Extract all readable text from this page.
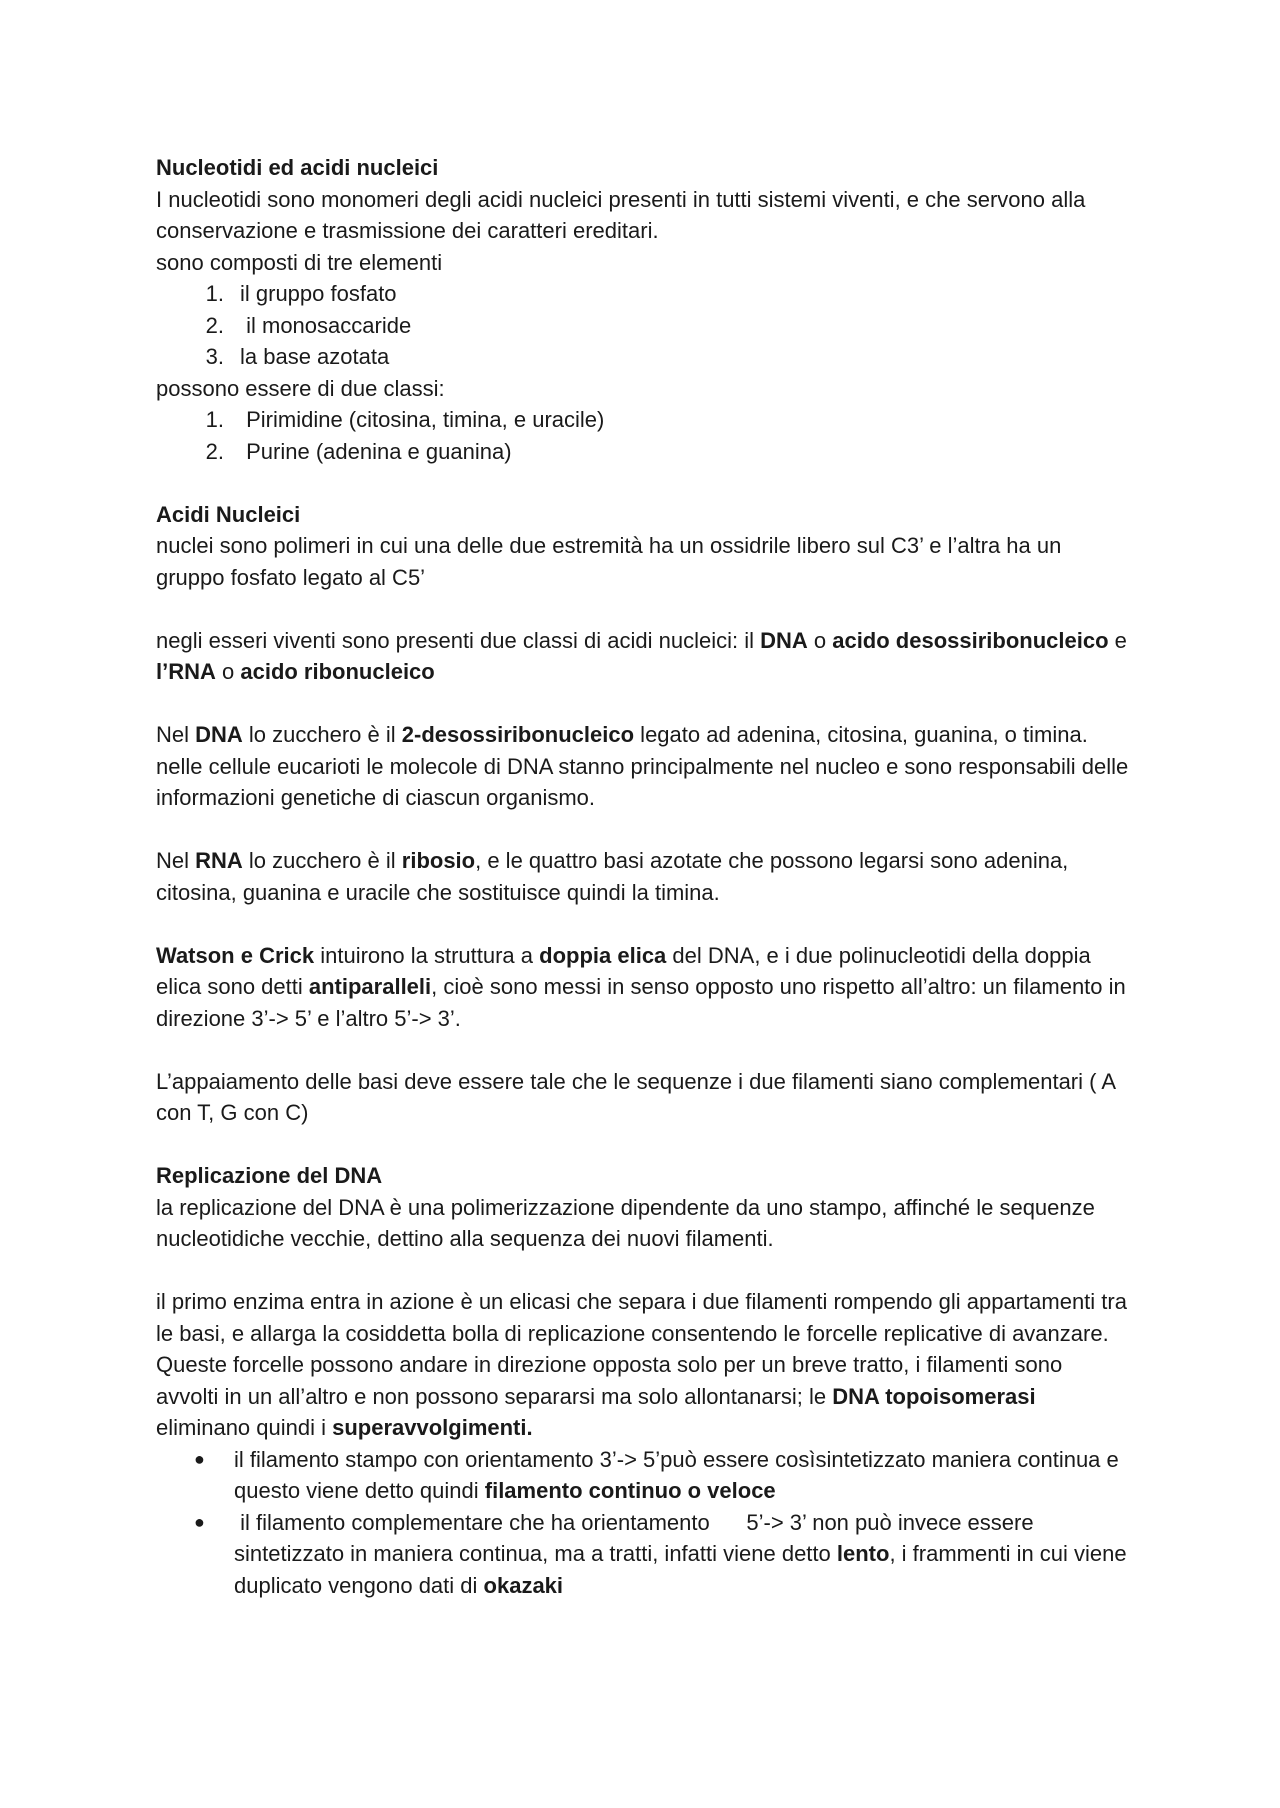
Nucleotidi ed acidi nucleici

I nucleotidi sono monomeri degli acidi nucleici presenti in tutti sistemi viventi, e che servono alla conservazione e trasmissione dei caratteri ereditari.

sono composti di tre elementi

1. il gruppo fosfato
2. il monosaccaride
3. la base azotata

possono essere di due classi:

1. Pirimidine (citosina, timina, e uracile)
2. Purine (adenina e guanina)

Acidi Nucleici

nuclei sono polimeri in cui una delle due estremità ha un ossidrile libero sul C3’ e l’altra ha un gruppo fosfato legato al C5’

negli esseri viventi sono presenti due classi di acidi nucleici: il DNA o acido desossiribonucleico e l’RNA o acido ribonucleico

Nel DNA lo zucchero è il 2-desossiribonucleico legato ad adenina, citosina, guanina, o timina.

nelle cellule eucarioti le molecole di DNA stanno principalmente nel nucleo e sono responsabili delle informazioni genetiche di ciascun organismo.

Nel RNA lo zucchero è il ribosio, e le quattro basi azotate che possono legarsi sono adenina, citosina, guanina e uracile che sostituisce quindi la timina.

Watson e Crick intuirono la struttura a doppia elica del DNA, e i due polinucleotidi della doppia elica sono detti antiparalleli, cioè sono messi in senso opposto uno rispetto all’altro: un filamento in direzione 3’-> 5’ e l’altro 5’-> 3’.

L’appaiamento delle basi deve essere tale che le sequenze i due filamenti siano complementari ( A con T, G con C)

Replicazione del DNA

la replicazione del DNA è una polimerizzazione dipendente da uno stampo, affinché le sequenze nucleotidiche vecchie, dettino alla sequenza dei nuovi filamenti.

il primo enzima entra in azione è un elicasi che separa i due filamenti rompendo gli appartamenti tra le basi, e allarga la cosiddetta bolla di replicazione consentendo le forcelle replicative di avanzare.

Queste forcelle possono andare in direzione opposta solo per un breve tratto, i filamenti sono avvolti in un all’altro e non possono separarsi ma solo allontanarsi; le DNA topoisomerasi eliminano quindi i superavvolgimenti.

● il filamento stampo con orientamento 3’-> 5’può essere cosìsintetizzato maniera continua e questo viene detto quindi filamento continuo o veloce
● il filamento complementare che ha orientamento      5’-> 3’ non può invece essere sintetizzato in maniera continua, ma a tratti, infatti viene detto lento, i frammenti in cui viene duplicato vengono dati di okazaki
